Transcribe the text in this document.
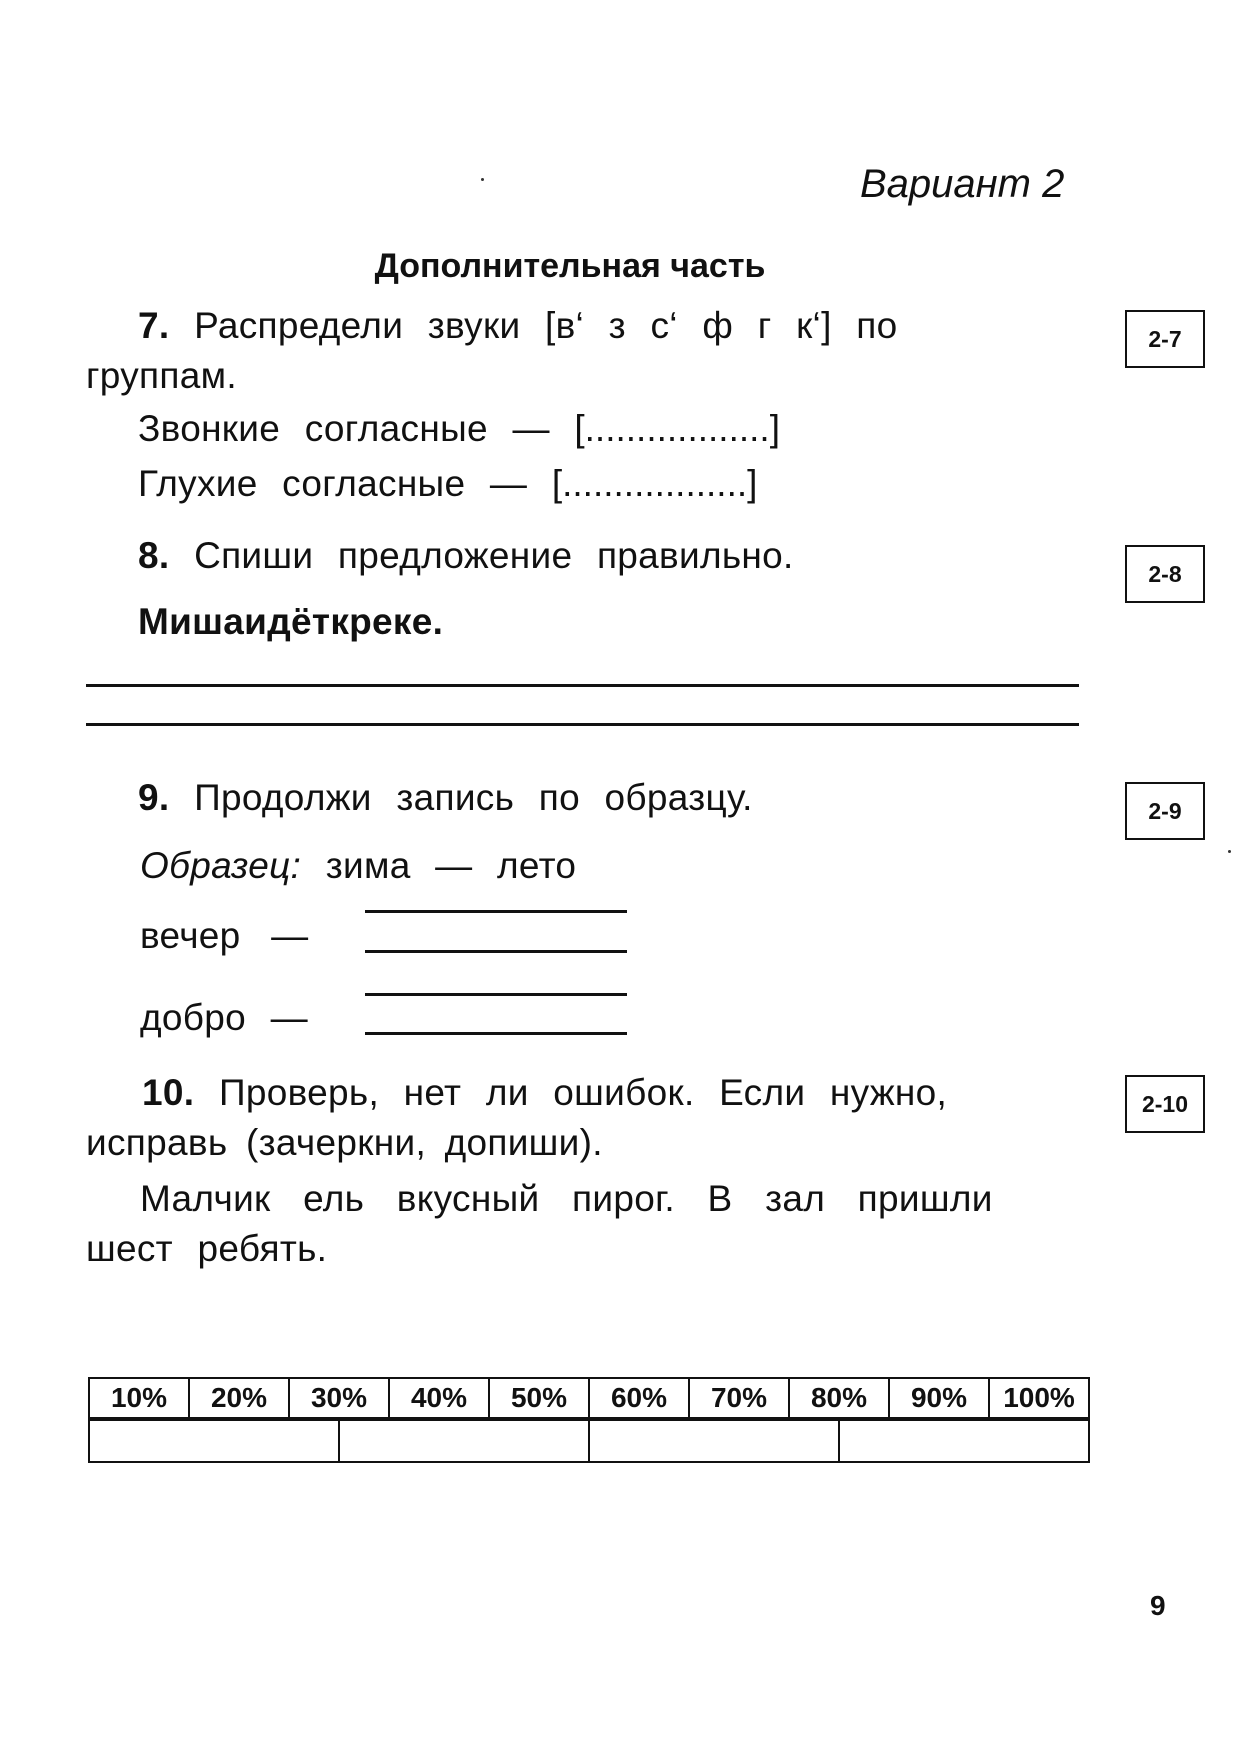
Вариант 2
Дополнительная часть
7. Распредели звуки [в‘ з с‘ ф г к‘] по
группам.
2-7
Звонкие согласные — [..................]
Глухие согласные — [..................]
8. Спиши предложение правильно.	2-8
Мишаидёткреке.
9. Продолжи запись по образцу.	2-9
Образец: зима — лето
вечер —
добро —
10. Проверь, нет ли ошибок. Если нужно,
исправь (зачеркни, допиши).
2-10
Малчик ель вкусный пирог. В зал пришли
шест ребять.
10%	20%	30%	40%	50%	60%	70%	80%	90%	100%

9
